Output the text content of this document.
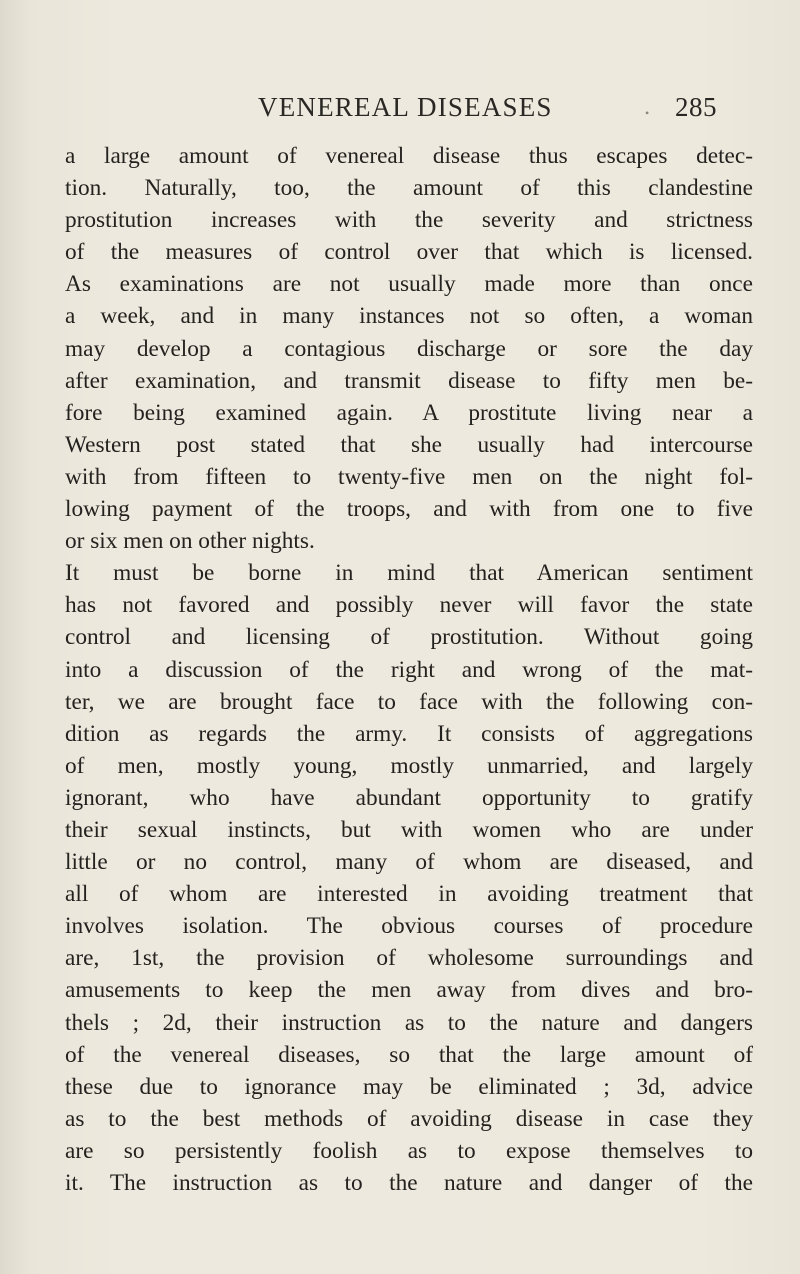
VENEREAL DISEASES	• 285
a large amount of venereal disease thus escapes detec-
tion. Naturally, too, the amount of this clandestine
prostitution increases with the severity and strictness
of the measures of control over that which is licensed.
As examinations are not usually made more than once
a week, and in many instances not so often, a woman
may develop a contagious discharge or sore the day
after examination, and transmit disease to fifty men be-
fore being examined again. A prostitute living near a
Western post stated that she usually had intercourse
with from fifteen to twenty-five men on the night fol-
lowing payment of the troops, and with from one to five
or six men on other nights.
It must be borne in mind that American sentiment
has not favored and possibly never will favor the state
control and licensing of prostitution. Without going
into a discussion of the right and wrong of the mat-
ter, we are brought face to face with the following con-
dition as regards the army. It consists of aggregations
of men, mostly young, mostly unmarried, and largely
ignorant, who have abundant opportunity to gratify
their sexual instincts, but with women who are under
little or no control, many of whom are diseased, and
all of whom are interested in avoiding treatment that
involves isolation. The obvious courses of procedure
are, 1st, the provision of wholesome surroundings and
amusements to keep the men away from dives and bro-
thels ; 2d, their instruction as to the nature and dangers
of the venereal diseases, so that the large amount of
these due to ignorance may be eliminated ; 3d, advice
as to the best methods of avoiding disease in case they
are so persistently foolish as to expose themselves to
it. The instruction as to the nature and danger of the
